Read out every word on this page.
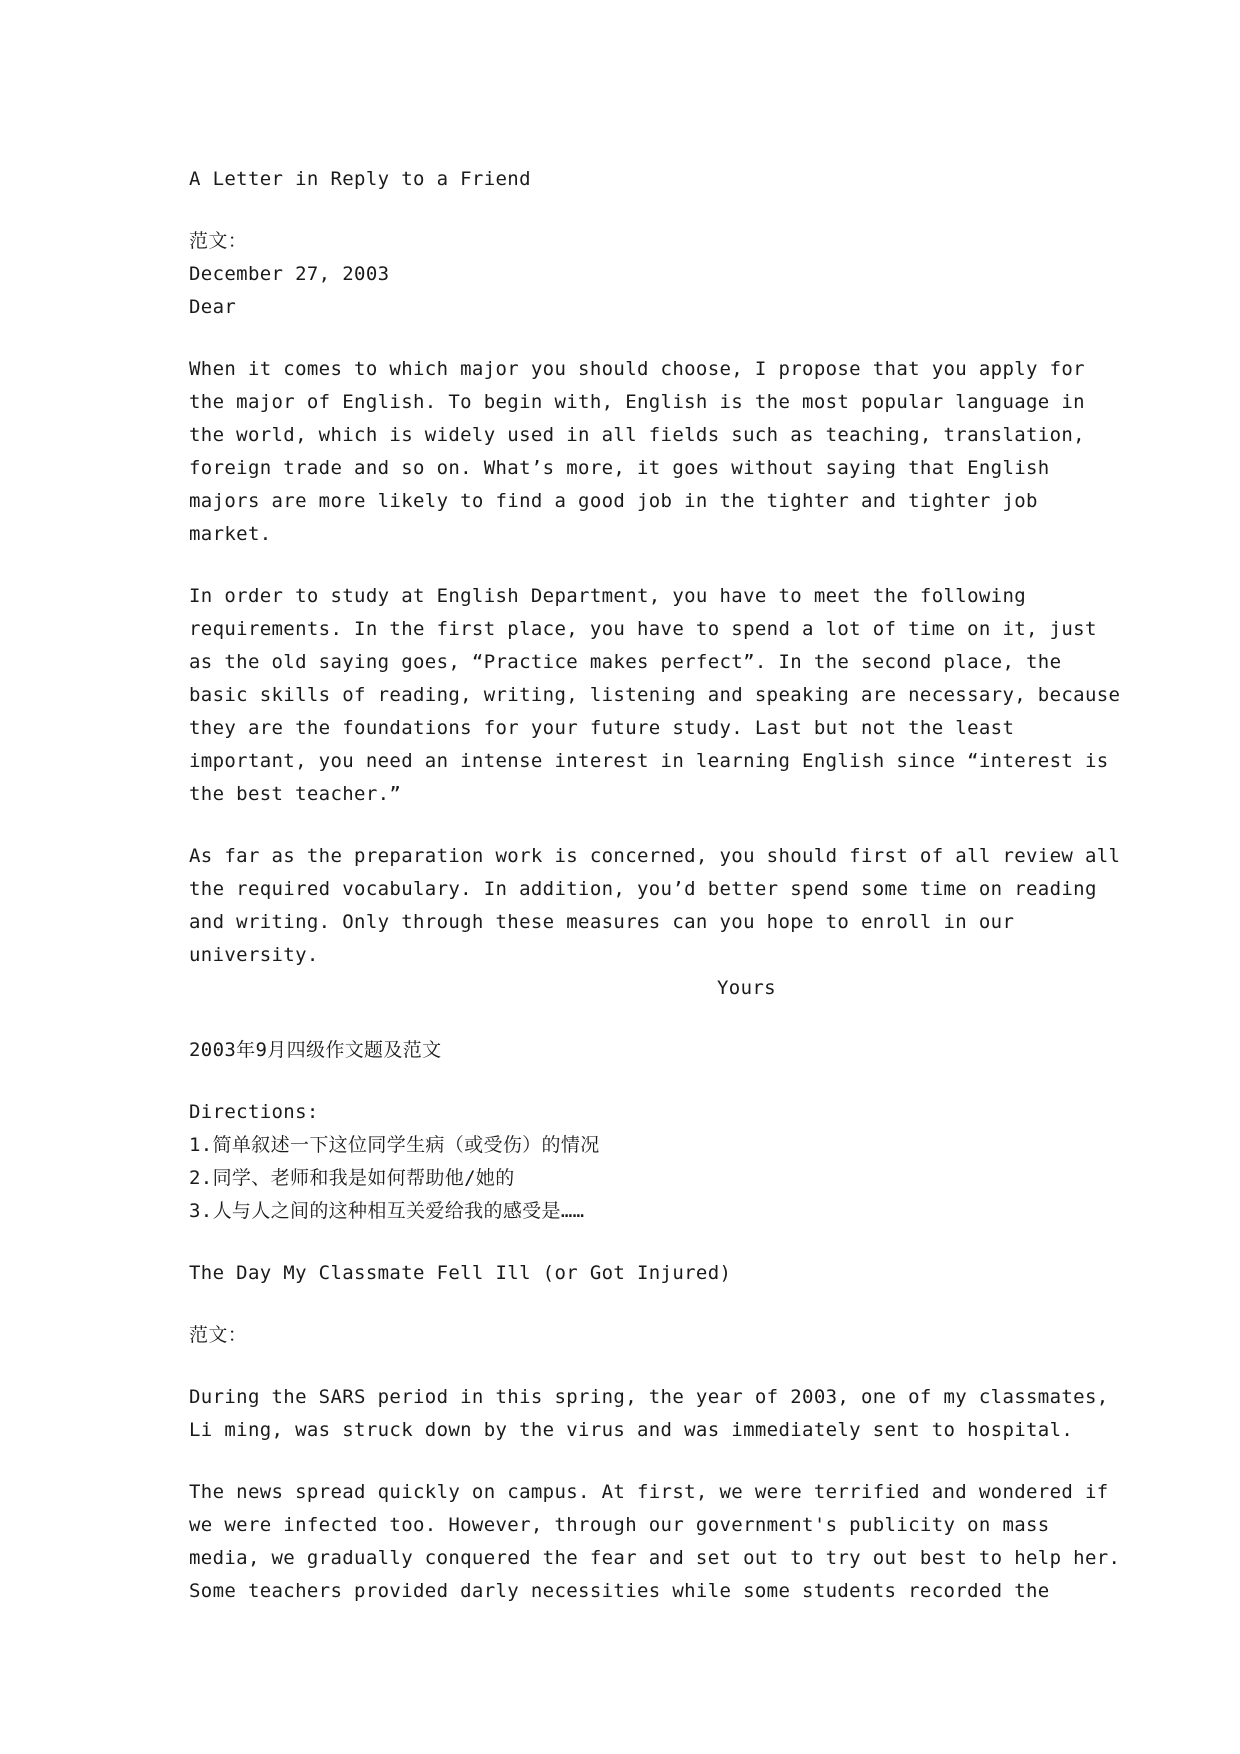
A Letter in Reply to a Friend
范文：
December 27, 2003
Dear
When it comes to which major you should choose, I propose that you apply for
the major of English. To begin with, English is the most popular language in
the world, which is widely used in all fields such as teaching, translation,
foreign trade and so on. What’s more, it goes without saying that English
majors are more likely to find a good job in the tighter and tighter job
market.
In order to study at English Department, you have to meet the following
requirements. In the first place, you have to spend a lot of time on it, just
as the old saying goes, “Practice makes perfect”. In the second place, the
basic skills of reading, writing, listening and speaking are necessary, because
they are the foundations for your future study. Last but not the least
important, you need an intense interest in learning English since “interest is
the best teacher.”
As far as the preparation work is concerned, you should first of all review all
the required vocabulary. In addition, you’d better spend some time on reading
and writing. Only through these measures can you hope to enroll in our
university.
Yours
2003年9月四级作文题及范文
Directions:
1.简单叙述一下这位同学生病（或受伤）的情况
2.同学、老师和我是如何帮助他/她的
3.人与人之间的这种相互关爱给我的感受是……
The Day My Classmate Fell Ill (or Got Injured)
范文：
During the SARS period in this spring, the year of 2003, one of my classmates,
Li ming, was struck down by the virus and was immediately sent to hospital.
The news spread quickly on campus. At first, we were terrified and wondered if
we were infected too. However, through our government's publicity on mass
media, we gradually conquered the fear and set out to try out best to help her.
Some teachers provided darly necessities while some students recorded the
